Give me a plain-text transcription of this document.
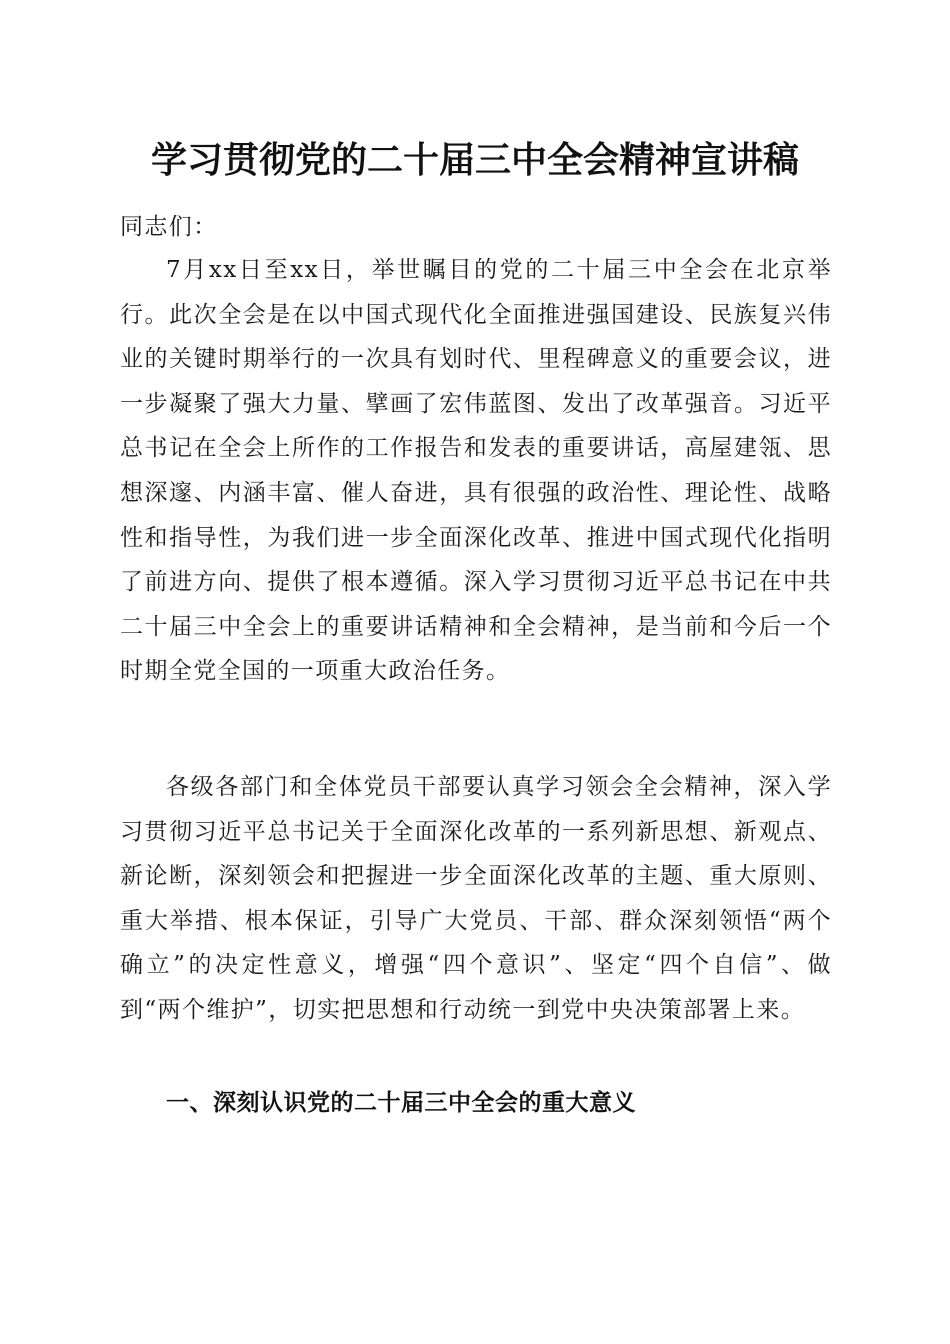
学习贯彻党的二十届三中全会精神宣讲稿
同志们：

7月xx日至xx日，举世瞩目的党的二十届三中全会在北京举行。此次全会是在以中国式现代化全面推进强国建设、民族复兴伟业的关键时期举行的一次具有划时代、里程碑意义的重要会议，进一步凝聚了强大力量、擘画了宏伟蓝图、发出了改革强音。习近平总书记在全会上所作的工作报告和发表的重要讲话，高屋建瓴、思想深邃、内涵丰富、催人奋进，具有很强的政治性、理论性、战略性和指导性，为我们进一步全面深化改革、推进中国式现代化指明了前进方向、提供了根本遵循。深入学习贯彻习近平总书记在中共二十届三中全会上的重要讲话精神和全会精神，是当前和今后一个时期全党全国的一项重大政治任务。

各级各部门和全体党员干部要认真学习领会全会精神，深入学习贯彻习近平总书记关于全面深化改革的一系列新思想、新观点、新论断，深刻领会和把握进一步全面深化改革的主题、重大原则、重大举措、根本保证，引导广大党员、干部、群众深刻领悟“两个确立”的决定性意义，增强“四个意识”、坚定“四个自信”、做到“两个维护”，切实把思想和行动统一到党中央决策部署上来。

一、深刻认识党的二十届三中全会的重大意义
